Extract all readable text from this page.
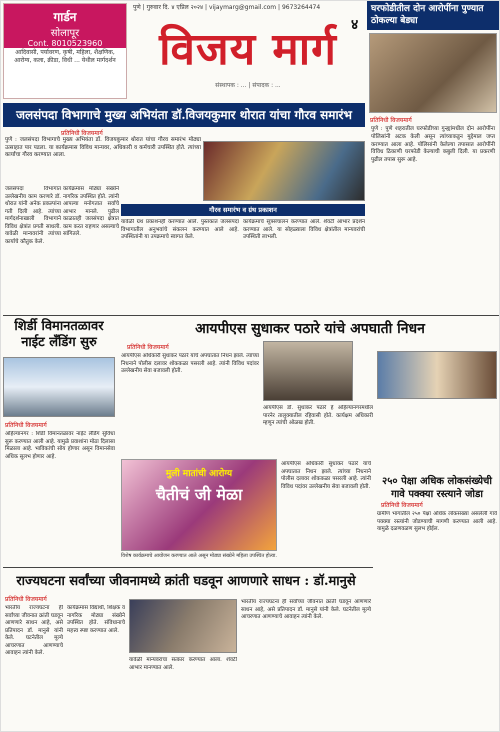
गार्डन
सोलापूर
Cont. 8010523960
आदिवासी, पर्यावरण, कृषी, महिला, शैक्षणिक, आरोग्य, कला, क्रीडा, विधी ... येथील मार्गदर्शन
पुणे | गुरुवार दि. ४ एप्रिल २०२४ | vijaymarg@gmail.com | 9673264474
विजय मार्ग
संस्थापक : ... | संपादक : ...
४
घरफोडीतील दोन आरोपींना पुण्यात ठोकल्या बेड्या
प्रतिनिधी विजयमार्ग
पुणे : पुणे शहरातील घरफोडीच्या गुन्ह्यांमधील दोन आरोपींना पोलिसांनी अटक केली असून त्यांच्याकडून मुद्देमाल जप्त करण्यात आला आहे. पोलिसांनी केलेल्या तपासात आरोपींनी विविध ठिकाणी घरफोडी केल्याची कबुली दिली. या प्रकरणी पुढील तपास सुरू आहे.
जलसंपदा विभागाचे मुख्य अभियंता डॉ.विजयकुमार थोरात यांचा गौरव समारंभ
प्रतिनिधी विजयमार्ग
पुणे : जलसंपदा विभागाचे मुख्य अभियंता डॉ. विजयकुमार थोरात यांचा गौरव समारंभ मोठ्या उत्साहात पार पडला. या कार्यक्रमास विविध मान्यवर, अधिकारी व कर्मचारी उपस्थित होते. त्यांच्या कार्याचा गौरव करण्यात आला.
जलसंपदा विभागात उल्लेखनीय काम करणारे डॉ. थोरात यांनी अनेक प्रकल्पांना गती दिली आहे. त्यांच्या मार्गदर्शनाखाली विभागाने विविध क्षेत्रांत प्रगती साधली. यावेळी मान्यवरांनी त्यांच्या कार्याचे कौतुक केले.
कार्यक्रमास मोठ्या संख्येने नागरिक उपस्थित होते. त्यांनी आपल्या मनोगतात सर्वांचे आभार मानले. पुढील काळातही जलसंपदा क्षेत्रात काम करत राहणार असल्याचे सांगितले.
गौरव समारंभ व ग्रंथ प्रकाशन
यावेळी ग्रंथ प्रकाशनही करण्यात आले. पुस्तकात जलसंपदा विभागातील अनुभवांचे संकलन करण्यात आले आहे. उपस्थितांनी या उपक्रमाचे स्वागत केले.
कार्यक्रमाचे सूत्रसंचालन करण्यात आले. शेवटी आभार प्रदर्शन करण्यात आले. या सोहळ्याला विविध क्षेत्रांतील मान्यवरांची उपस्थिती लाभली.
शिर्डी विमानतळावर नाईट लँडिंग सुरु
प्रतिनिधी विजयमार्ग
अहिल्यानगर : शिर्डी विमानतळावर नाईट लँडिंग सुविधा सुरू करण्यात आली आहे. यामुळे प्रवाशांना मोठा दिलासा मिळाला आहे. भाविकांची सोय होणार असून विमानसेवा अधिक सुलभ होणार आहे.
आयपीएस सुधाकर पठारे यांचे अपघाती निधन
प्रतिनिधी विजयमार्ग
आयपीएस अधिकारी सुधाकर पठारे यांचे अपघातात निधन झाले. त्यांच्या निधनाने पोलीस दलावर शोककळा पसरली आहे. त्यांनी विविध पदांवर उल्लेखनीय सेवा बजावली होती.
आयपीएस डॉ. सुधाकर पठारे हे अहिल्यानगरमधील पारनेर तालुक्यातील रहिवासी होते. कार्यक्षम अधिकारी म्हणून त्यांची ओळख होती.
मुली मातांची आरोग्य
चैतीचं जी मेळा
विशेष कार्यक्रमाचे आयोजन करण्यात आले असून मोठ्या संख्येने महिला उपस्थित होत्या.
आयपीएस अधिकारी सुधाकर पठारे यांचे अपघातात निधन झाले. त्यांच्या निधनाने पोलीस दलावर शोककळा पसरली आहे. त्यांनी विविध पदांवर उल्लेखनीय सेवा बजावली होती.	२५० पेक्षा अधिक लोकसंख्येची गावे पक्क्या रस्त्याने जोडा
प्रतिनिधी विजयमार्ग
ग्रामीण भागातील २५० पेक्षा अधिक लोकसंख्या असलेली गावे पक्क्या रस्त्यांनी जोडण्याची मागणी करण्यात आली आहे. यामुळे दळणवळण सुलभ होईल.
राज्यघटना सर्वांच्या जीवनामध्ये क्रांती घडवून आणणारे साधन : डॉ.मानुसे
प्रतिनिधी विजयमार्ग
भारतीय राज्यघटना ही सर्वांच्या जीवनात क्रांती घडवून आणणारे साधन आहे, असे प्रतिपादन डॉ. मानुसे यांनी केले. घटनेतील मूल्ये आचरणात आणण्याचे आवाहन त्यांनी केले.
कार्यक्रमास विद्यार्थी, शिक्षक व नागरिक मोठ्या संख्येने उपस्थित होते. संविधानाचे महत्त्व स्पष्ट करण्यात आले.
यावेळी मान्यवरांचा सत्कार करण्यात आला. शेवटी आभार मानण्यात आले.
भारतीय राज्यघटना ही सर्वांच्या जीवनात क्रांती घडवून आणणारे साधन आहे, असे प्रतिपादन डॉ. मानुसे यांनी केले. घटनेतील मूल्ये आचरणात आणण्याचे आवाहन त्यांनी केले.
